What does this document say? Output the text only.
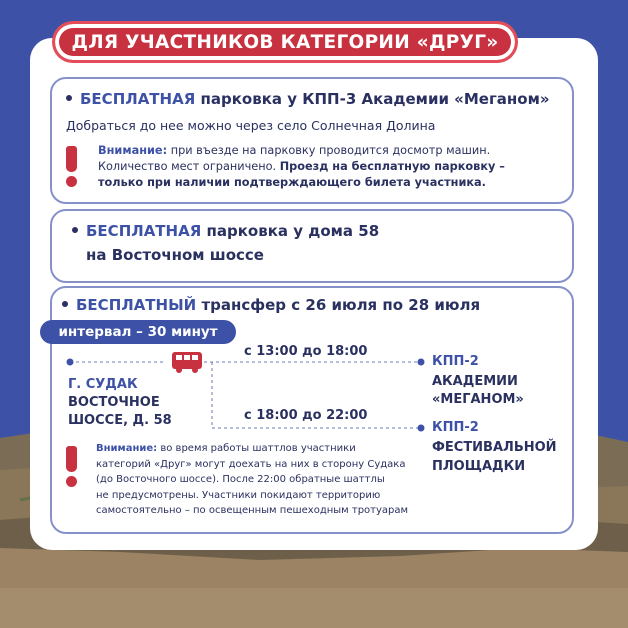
ДЛЯ УЧАСТНИКОВ КАТЕГОРИИ «ДРУГ»
БЕСПЛАТНАЯ парковка у КПП-3 Академии «Меганом»
Добраться до нее можно через село Солнечная Долина
Внимание: при въезде на парковку проводится досмотр машин.
Количество мест ограничено. Проезд на бесплатную парковку –
только при наличии подтверждающего билета участника.
БЕСПЛАТНАЯ парковка у дома 58
на Восточном шоссе
БЕСПЛАТНЫЙ трансфер с 26 июля по 28 июля
интервал – 30 минут
с 13:00 до 18:00
с 18:00 до 22:00
Г. СУДАК
ВОСТОЧНОЕ
ШОССЕ, Д. 58
КПП-2
АКАДЕМИИ
«МЕГАНОМ»
КПП-2
ФЕСТИВАЛЬНОЙ
ПЛОЩАДКИ
Внимание: во время работы шаттлов участники
категорий «Друг» могут доехать на них в сторону Судака
(до Восточного шоссе). После 22:00 обратные шаттлы
не предусмотрены. Участники покидают территорию
самостоятельно – по освещенным пешеходным тротуарам
